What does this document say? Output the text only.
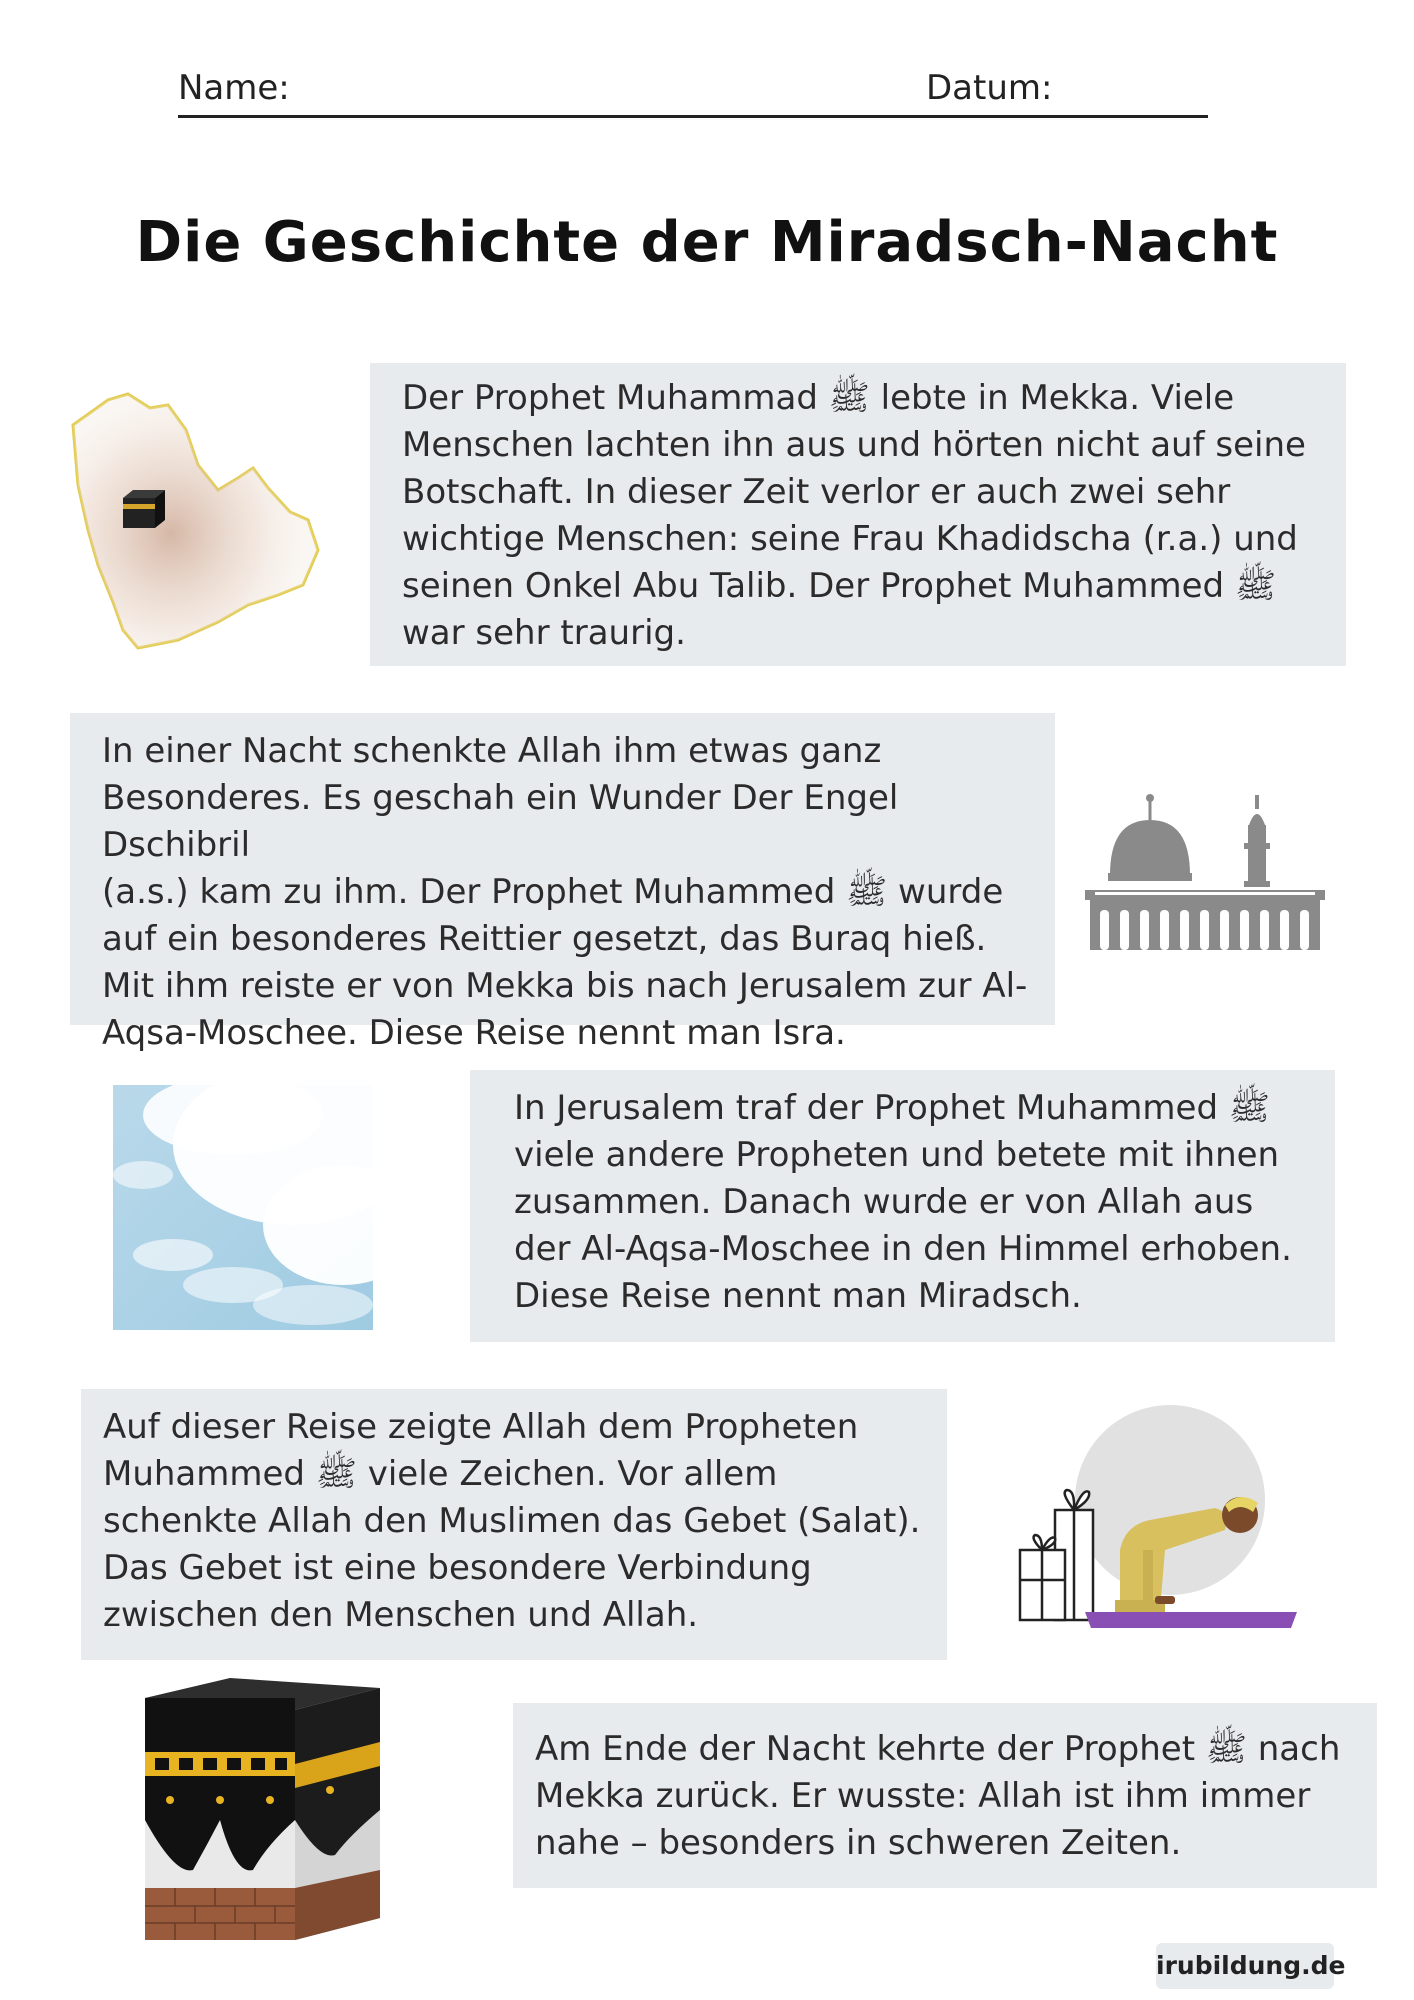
Name:	Datum:
Die Geschichte der Miradsch-Nacht

Der Prophet Muhammad ﷺ lebte in Mekka. Viele
Menschen lachten ihn aus und hörten nicht auf seine
Botschaft. In dieser Zeit verlor er auch zwei sehr
wichtige Menschen: seine Frau Khadidscha (r.a.) und
seinen Onkel Abu Talib. Der Prophet Muhammed ﷺ
war sehr traurig.

In einer Nacht schenkte Allah ihm etwas ganz
Besonderes. Es geschah ein Wunder Der Engel Dschibril
(a.s.) kam zu ihm. Der Prophet Muhammed ﷺ wurde
auf ein besonderes Reittier gesetzt, das Buraq hieß.
Mit ihm reiste er von Mekka bis nach Jerusalem zur Al-
Aqsa-Moschee. Diese Reise nennt man Isra.

In Jerusalem traf der Prophet Muhammed ﷺ
viele andere Propheten und betete mit ihnen
zusammen. Danach wurde er von Allah aus
der Al-Aqsa-Moschee in den Himmel erhoben.
Diese Reise nennt man Miradsch.

Auf dieser Reise zeigte Allah dem Propheten
Muhammed ﷺ viele Zeichen. Vor allem
schenkte Allah den Muslimen das Gebet (Salat).
Das Gebet ist eine besondere Verbindung
zwischen den Menschen und Allah.

Am Ende der Nacht kehrte der Prophet ﷺ nach
Mekka zurück. Er wusste: Allah ist ihm immer
nahe – besonders in schweren Zeiten.

irubildung.de
